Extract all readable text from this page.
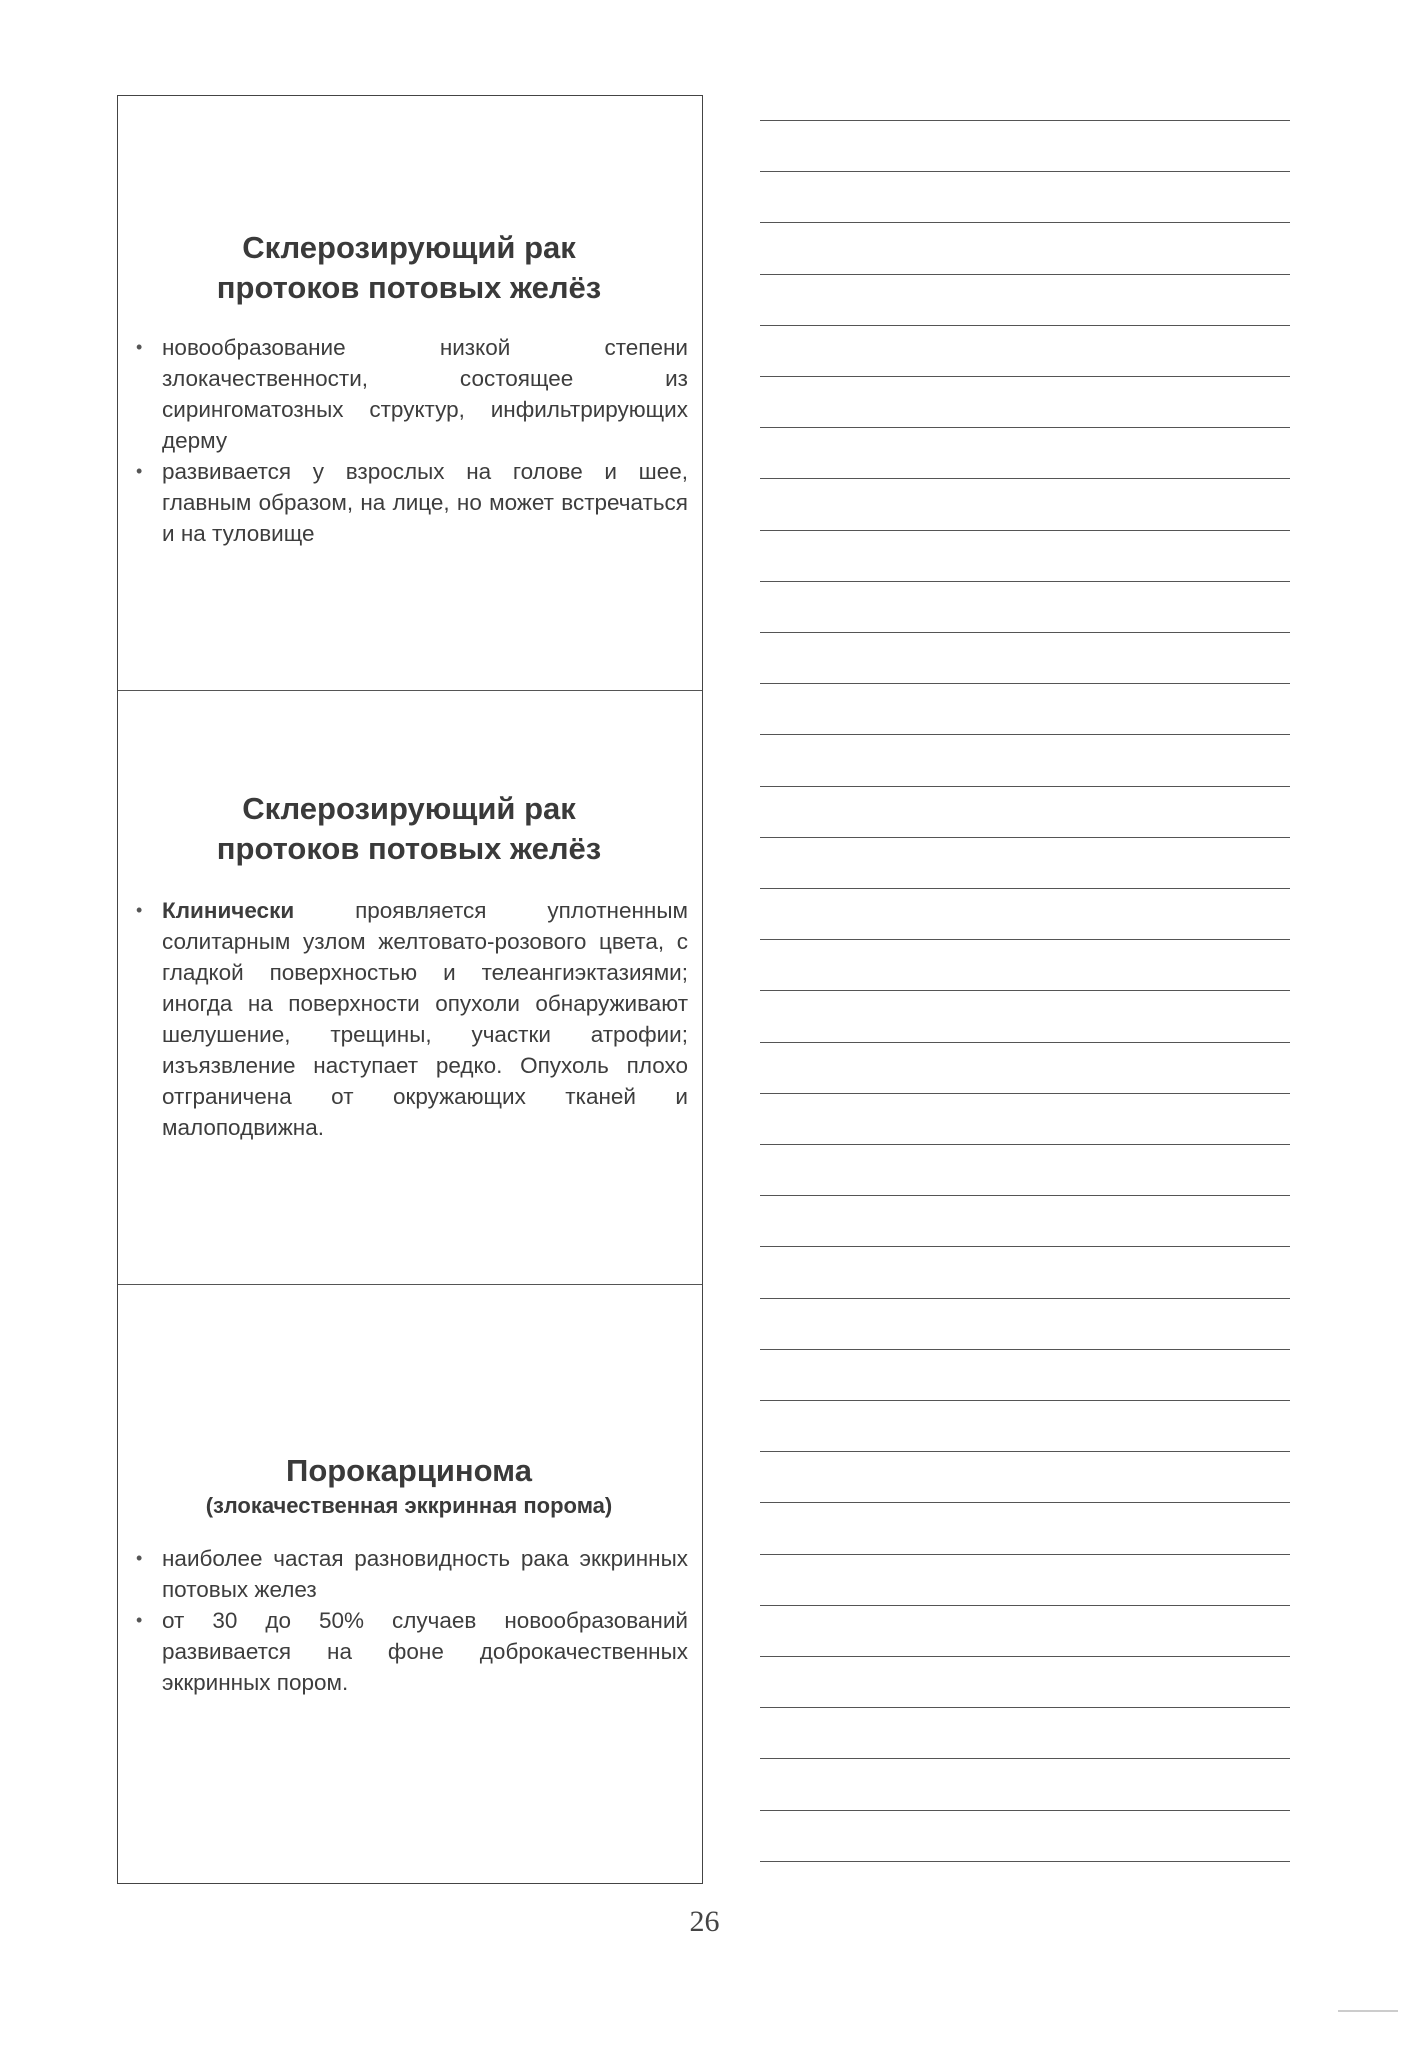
Склерозирующий рак
протоков потовых желёз

• новообразование низкой степени злокачественности, состоящее из сирингоматозных структур, инфильтрирующих дерму
• развивается у взрослых на голове и шее, главным образом, на лице, но может встречаться и на туловище

Склерозирующий рак
протоков потовых желёз

• Клинически проявляется уплотненным солитарным узлом желтовато-розового цвета, с гладкой поверхностью и телеангиэктазиями; иногда на поверхности опухоли обнаруживают шелушение, трещины, участки атрофии; изъязвление наступает редко. Опухоль плохо отграничена от окружающих тканей и малоподвижна.

Порокарцинома

(злокачественная эккринная порома)

• наиболее частая разновидность рака эккринных потовых желез
• от 30 до 50% случаев новообразований развивается на фоне доброкачественных эккринных пором.
26
